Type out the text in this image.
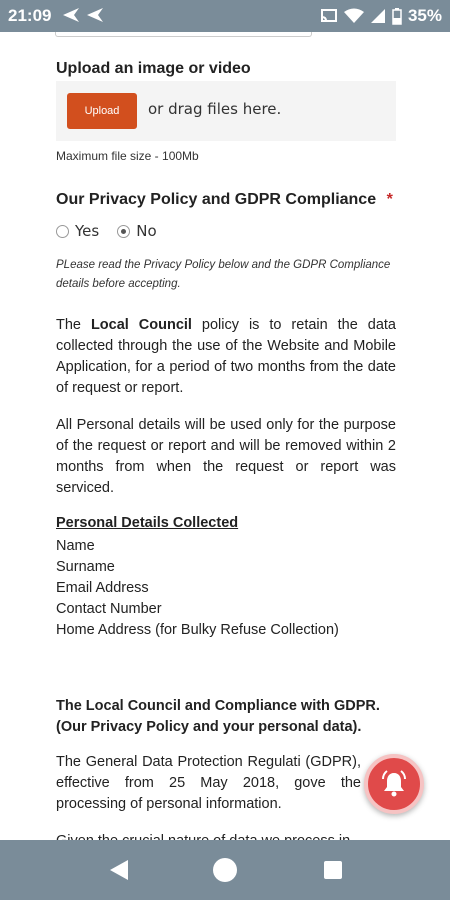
21:09	35%
Upload an image or video
Upload	or drag files here.
Maximum file size - 100Mb
Our Privacy Policy and GDPR Compliance *
Yes No
PLease read the Privacy Policy below and the GDPR Compliance details before accepting.
The Local Council policy is to retain the data collected through the use of the Website and Mobile Application, for a period of two months from the date of request or report.
All Personal details will be used only for the purpose of the request or report and will be removed within 2 months from when the request or report was serviced.
Personal Details Collected
Name
Surname
Email Address
Contact Number
Home Address (for Bulky Refuse Collection)
The Local Council and Compliance with GDPR. (Our Privacy Policy and your personal data).
The General Data Protection Regulati (GDPR), effective from 25 May 2018, gove the processing of personal information.
